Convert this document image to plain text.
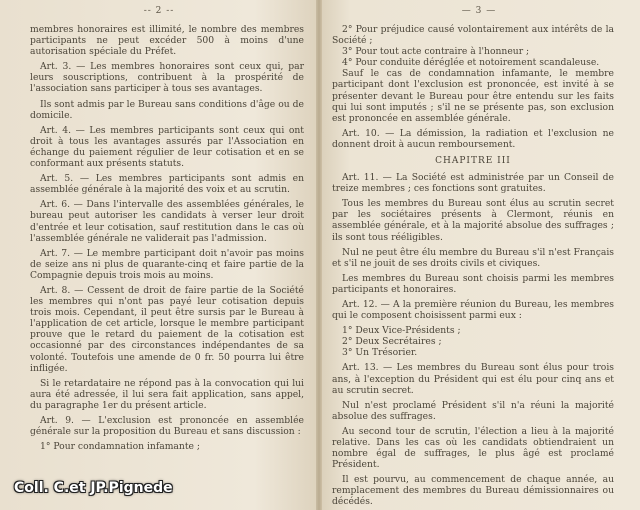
-- 2 --

membres honoraires est illimité, le nombre des membres participants ne peut excéder 500 à moins d'une autorisation spéciale du Préfet.

Art. 3. — Les membres honoraires sont ceux qui, par leurs souscriptions, contribuent à la prospérité de l'association sans participer à tous ses avantages.

Ils sont admis par le Bureau sans conditions d'âge ou de domicile.

Art. 4. — Les membres participants sont ceux qui ont droit à tous les avantages assurés par l'Association en échange du paiement régulier de leur cotisation et en se conformant aux présents statuts.

Art. 5. — Les membres participants sont admis en assemblée générale à la majorité des voix et au scrutin.

Art. 6. — Dans l'intervalle des assemblées générales, le bureau peut autoriser les candidats à verser leur droit d'entrée et leur cotisation, sauf restitution dans le cas où l'assemblée générale ne validerait pas l'admission.

Art. 7. — Le membre participant doit n'avoir pas moins de seize ans ni plus de quarante-cinq et faire partie de la Compagnie depuis trois mois au moins.

Art. 8. — Cessent de droit de faire partie de la Société les membres qui n'ont pas payé leur cotisation depuis trois mois. Cependant, il peut être sursis par le Bureau à l'application de cet article, lorsque le membre participant prouve que le retard du paiement de la cotisation est occasionné par des circonstances indépendantes de sa volonté. Toutefois une amende de 0 fr. 50 pourra lui être infligée.

Si le retardataire ne répond pas à la convocation qui lui aura été adressée, il lui sera fait application, sans appel, du paragraphe 1er du présent article.

Art. 9. — L'exclusion est prononcée en assemblée générale sur la proposition du Bureau et sans discussion :

1° Pour condamnation infamante ;

— 3 —

2° Pour préjudice causé volontairement aux intérêts de la Société ;

3° Pour tout acte contraire à l'honneur ;

4° Pour conduite déréglée et notoirement scandaleuse.

Sauf le cas de condamnation infamante, le membre participant dont l'exclusion est prononcée, est invité à se présenter devant le Bureau pour être entendu sur les faits qui lui sont imputés ; s'il ne se présente pas, son exclusion est prononcée en assemblée générale.

Art. 10. — La démission, la radiation et l'exclusion ne donnent droit à aucun remboursement.

CHAPITRE III

Art. 11. — La Société est administrée par un Conseil de treize membres ; ces fonctions sont gratuites.

Tous les membres du Bureau sont élus au scrutin secret par les sociétaires présents à Clermont, réunis en assemblée générale, et à la majorité absolue des suffrages ; ils sont tous rééligibles.

Nul ne peut être élu membre du Bureau s'il n'est Français et s'il ne jouit de ses droits civils et civiques.

Les membres du Bureau sont choisis parmi les membres participants et honoraires.

Art. 12. — A la première réunion du Bureau, les membres qui le composent choisissent parmi eux :

1° Deux Vice-Présidents ;

2° Deux Secrétaires ;

3° Un Trésorier.

Art. 13. — Les membres du Bureau sont élus pour trois ans, à l'exception du Président qui est élu pour cinq ans et au scrutin secret.

Nul n'est proclamé Président s'il n'a réuni la majorité absolue des suffrages.

Au second tour de scrutin, l'élection a lieu à la majorité relative. Dans les cas où les candidats obtiendraient un nombre égal de suffrages, le plus âgé est proclamé Président.

Il est pourvu, au commencement de chaque année, au remplacement des membres du Bureau démissionnaires ou décédés.

Coll. C.et JP.Pignede
